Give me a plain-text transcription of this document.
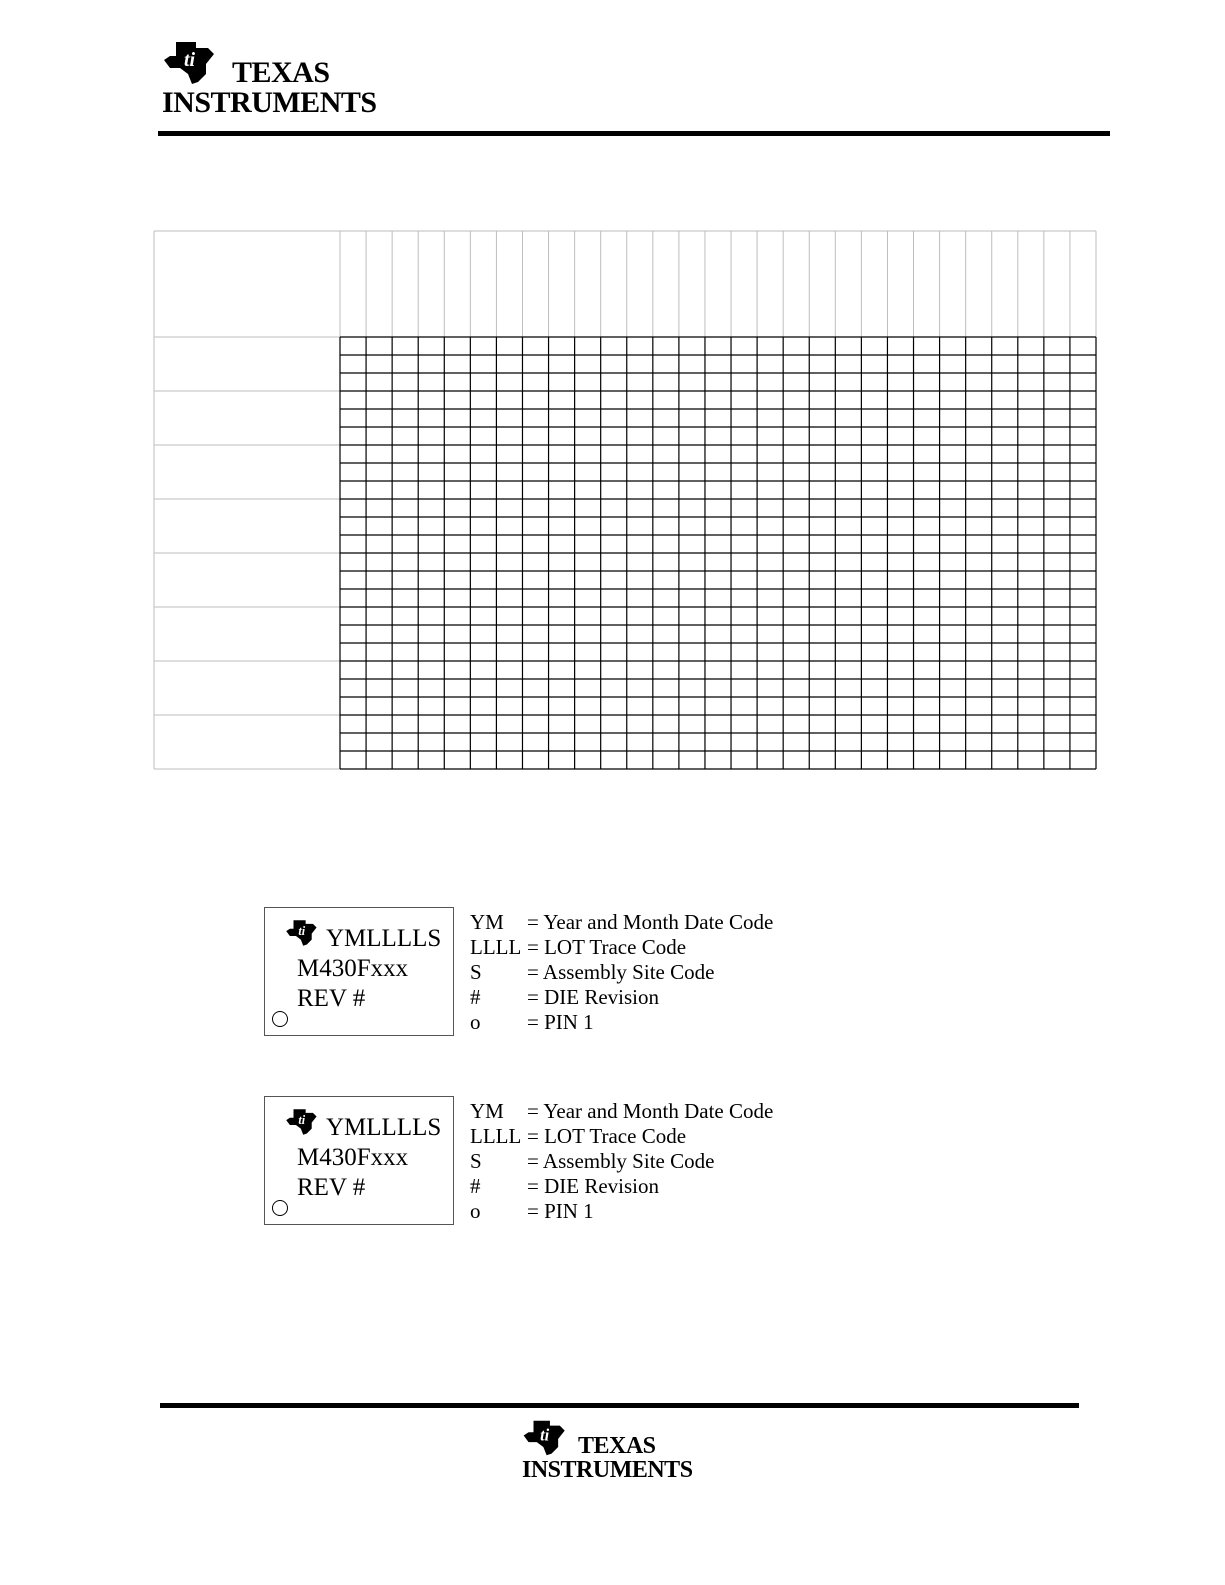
ti TEXAS
INSTRUMENTS
ti YMLLLLS
M430Fxxx
REV #
YM	= Year and Month Date Code
LLLL = LOT Trace Code
S	= Assembly Site Code
#	= DIE Revision
o	= PIN 1
ti YMLLLLS
M430Fxxx
REV #
YM	= Year and Month Date Code
LLLL = LOT Trace Code
S	= Assembly Site Code
#	= DIE Revision
o	= PIN 1
ti TEXAS
INSTRUMENTS
